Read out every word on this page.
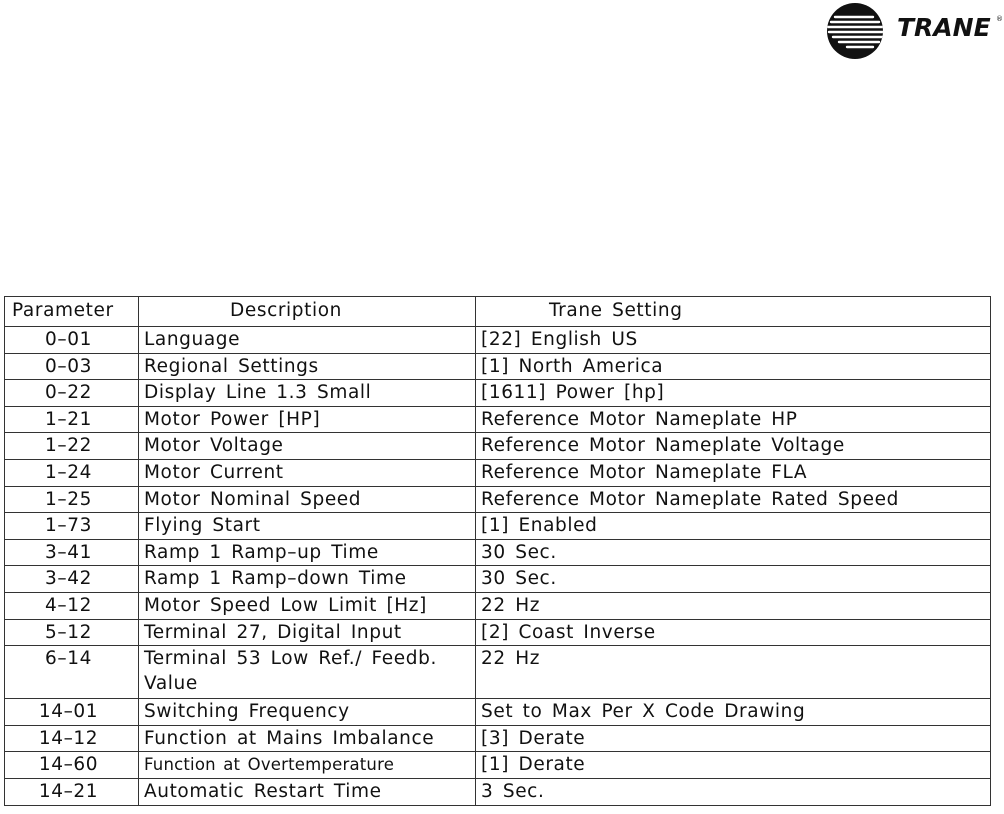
TRANE ®
Parameter	Description	Trane Setting
0–01	Language	[22] English US
0–03	Regional Settings	[1] North America
0–22	Display Line 1.3 Small	[1611] Power [hp]
1–21	Motor Power [HP]	Reference Motor Nameplate HP
1–22	Motor Voltage	Reference Motor Nameplate Voltage
1–24	Motor Current	Reference Motor Nameplate FLA
1–25	Motor Nominal Speed	Reference Motor Nameplate Rated Speed
1–73	Flying Start	[1] Enabled
3–41	Ramp 1 Ramp–up Time	30 Sec.
3–42	Ramp 1 Ramp–down Time	30 Sec.
4–12	Motor Speed Low Limit [Hz]	22 Hz
5–12	Terminal 27, Digital Input	[2] Coast Inverse
6–14	Terminal 53 Low Ref./ Feedb. Value	22 Hz
14–01	Switching Frequency	Set to Max Per X Code Drawing
14–12	Function at Mains Imbalance	[3] Derate
14–60	Function at Overtemperature	[1] Derate
14–21	Automatic Restart Time	3 Sec.
